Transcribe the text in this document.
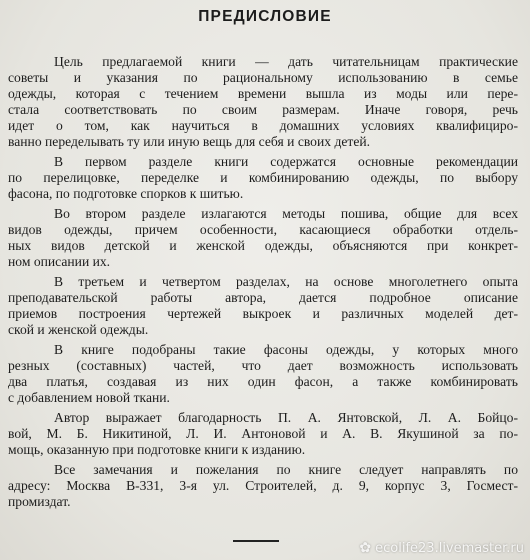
ПРЕДИСЛОВИЕ
Цель предлагаемой книги — дать читательницам практические
советы и указания по рациональному использованию в семье
одежды, которая с течением времени вышла из моды или пере-
стала соответствовать по своим размерам. Иначе говоря, речь
идет о том, как научиться в домашних условиях квалифициро-
ванно переделывать ту или иную вещь для себя и своих детей.
В первом разделе книги содержатся основные рекомендации
по перелицовке, переделке и комбинированию одежды, по выбору
фасона, по подготовке спорков к шитью.
Во втором разделе излагаются методы пошива, общие для всех
видов одежды, причем особенности, касающиеся обработки отдель-
ных видов детской и женской одежды, объясняются при конкрет-
ном описании их.
В третьем и четвертом разделах, на основе многолетнего опыта
преподавательской работы автора, дается подробное описание
приемов построения чертежей выкроек и различных моделей дет-
ской и женской одежды.
В книге подобраны такие фасоны одежды, у которых много
резных (составных) частей, что дает возможность использовать
два платья, создавая из них один фасон, а также комбинировать
с добавлением новой ткани.
Автор выражает благодарность П. А. Янтовской, Л. А. Бойцо-
вой, М. Б. Никитиной, Л. И. Антоновой и А. В. Якушиной за по-
мощь, оказанную при подготовке книги к изданию.
Все замечания и пожелания по книге следует направлять по
адресу: Москва В-331, 3-я ул. Строителей, д. 9, корпус 3, Госмест-
промиздат.
✿ ecolife23.livemaster.ru
